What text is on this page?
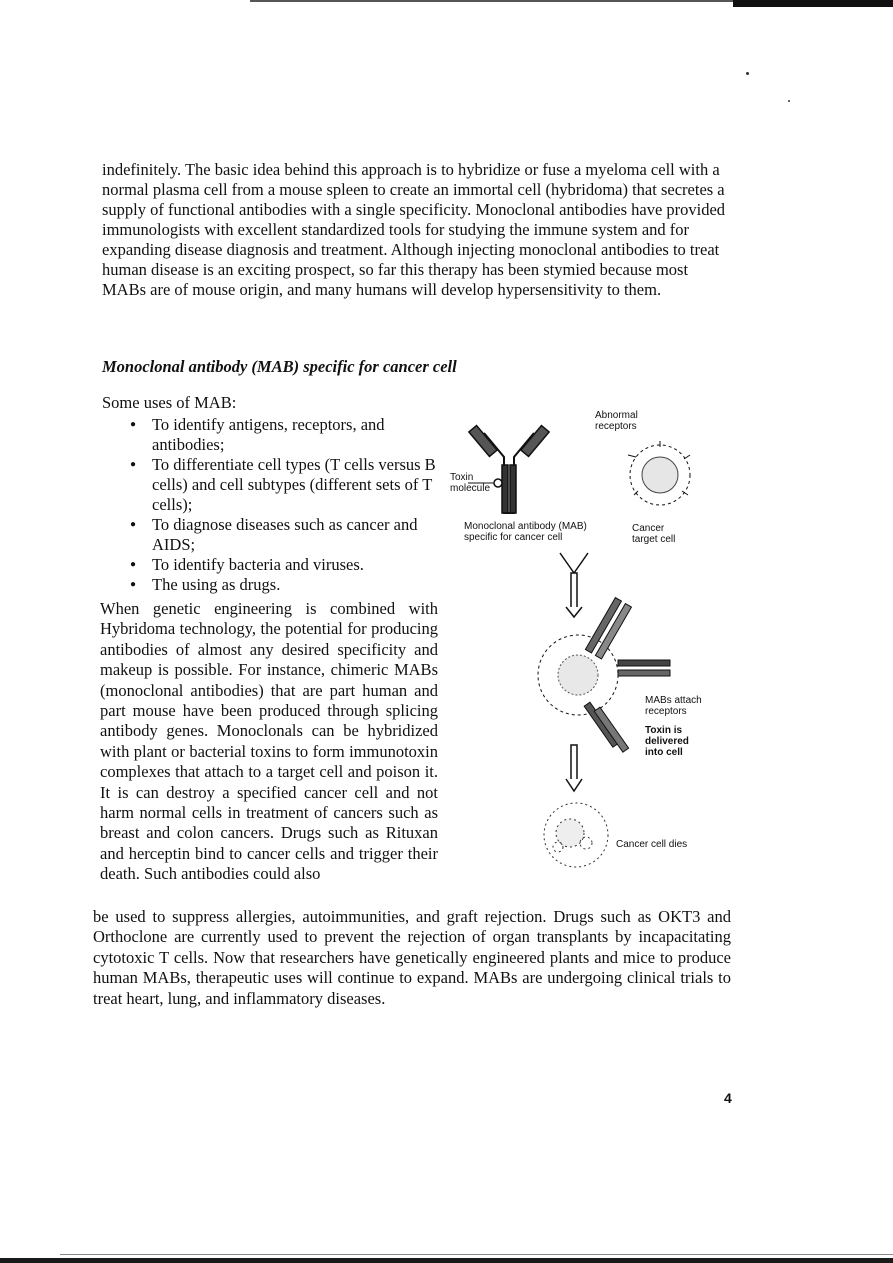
indefinitely. The basic idea behind this approach is to hybridize or fuse a myeloma cell with a normal plasma cell from a mouse spleen to create an immortal cell (hybridoma) that secretes a supply of functional antibodies with a single specificity. Monoclonal antibodies have provided immunologists with excellent standardized tools for studying the immune system and for expanding disease diagnosis and treatment. Although injecting monoclonal antibodies to treat human disease is an exciting prospect, so far this therapy has been stymied because most MABs are of mouse origin, and many humans will develop hypersensitivity to them.

Monoclonal antibody (MAB) specific for cancer cell

Some uses of MAB:

● To identify antigens, receptors, and antibodies;
● To differentiate cell types (T cells versus B cells) and cell subtypes (different sets of T cells);
● To diagnose diseases such as cancer and AIDS;
● To identify bacteria and viruses.
● The using as drugs.

When genetic engineering is combined with Hybridoma technology, the potential for producing antibodies of almost any desired specificity and makeup is possible. For instance, chimeric MABs (monoclonal antibodies) that are part human and part mouse have been produced through splicing antibody genes. Monoclonals can be hybridized with plant or bacterial toxins to form immunotoxin complexes that attach to a target cell and poison it. It is can destroy a specified cancer cell and not harm normal cells in treatment of cancers such as breast and colon cancers. Drugs such as Rituxan and herceptin bind to cancer cells and trigger their death. Such antibodies could also

Abnormal
receptors
Toxin
molecule
Monoclonal antibody (MAB)
specific for cancer cell
Cancer
target cell
MABs attach
receptors
Toxin is
delivered
into cell
Cancer cell dies

be used to suppress allergies, autoimmunities, and graft rejection. Drugs such as OKT3 and Orthoclone are currently used to prevent the rejection of organ transplants by incapacitating cytotoxic T cells. Now that researchers have genetically engineered plants and mice to produce human MABs, therapeutic uses will continue to expand. MABs are undergoing clinical trials to treat heart, lung, and inflammatory diseases.

4
